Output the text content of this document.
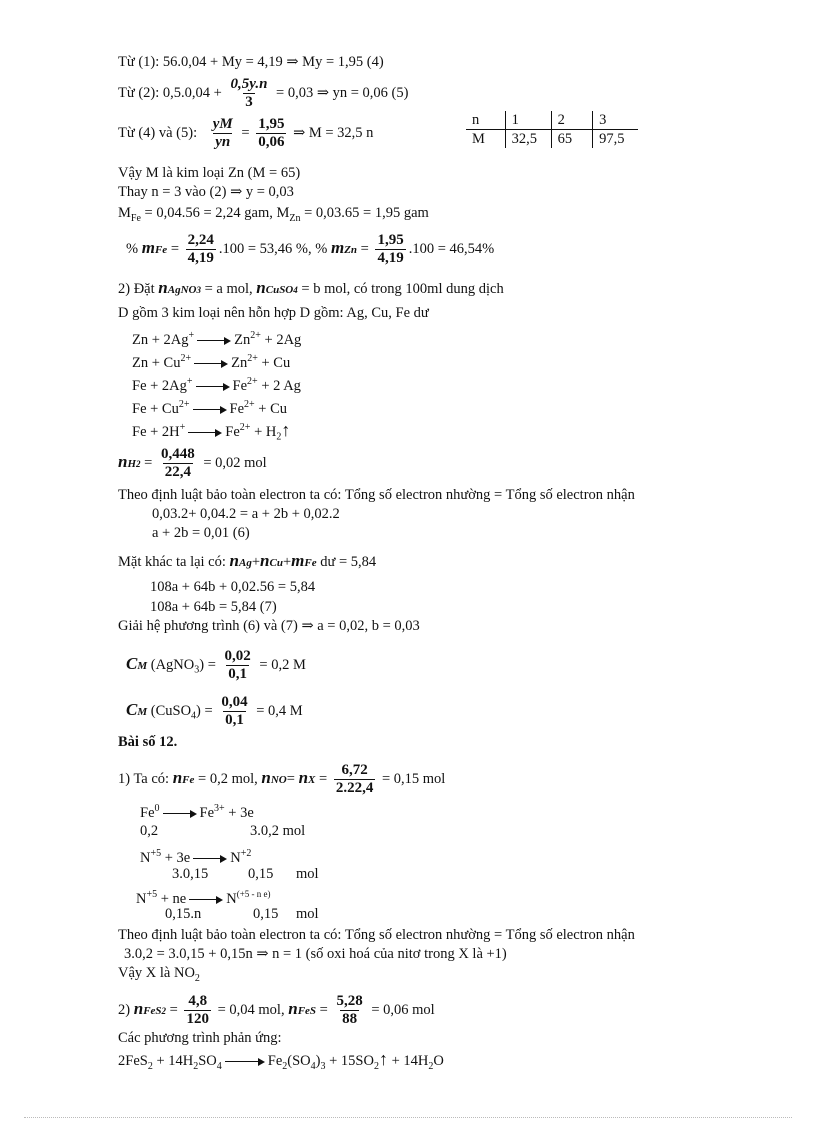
Từ (1): 56.0,04 + My = 4,19 ⇒ My = 1,95 (4)
Từ (2): $0,5.0,04 + \frac{0,5y.n}{3} = 0,03$ ⇒ yn = 0,06 (5)
Từ (4) và (5): $\frac{yM}{yn} = \frac{1,95}{0,06}$ ⇒ M = 32,5 n
n	1	2	3
M	32,5	65	97,5
Vậy M là kim loại Zn (M = 65)
Thay n = 3 vào (2) ⇒ y = 0,03
$M_{Fe} = 0,04.56 = 2,24$ gam, $M_{Zn} = 0,03.65 = 1,95$ gam
% mFe = $\frac{2,24}{4,19} .100 = 53,46$ %, % mZn = $\frac{1,95}{4,19} .100 = 46,54\%$
2) Đặt nAgNO3 = a mol, nCuSO4 = b mol, có trong 100ml dung dịch
D gồm 3 kim loại nên hỗn hợp D gồm: Ag, Cu, Fe dư
Zn + 2Ag+	$Zn^{2+} + 2Ag$
$Zn + Cu^{2+}$	$Zn^{2+} + Cu$
Fe + 2Ag+	$Fe^{2+} + 2$ Ag
$Fe + Cu^{2+}$	$Fe^{2+} + Cu$
Fe + 2H+	$Fe^{2+}$ + $H_2↑$
$nH2 = \frac{0,448}{22,4} = 0,02$ mol
Theo định luật bảo toàn electron ta có: Tổng số electron nhường = Tổng số electron nhận
0,03.2+ 0,04.2 = a + 2b + 0,02.2
a + 2b = 0,01 (6)
Mặt khác ta lại có: nAg+nCu+mFe dư = 5,84
108a + 64b + 0,02.56 = 5,84
108a + 64b = 5,84 (7)
Giải hệ phương trình (6) và (7) ⇒ a = 0,02, b = 0,03
CM (AgNO$_3$) = $\frac{0,02}{0,1} = 0,2$ M
CM (CuSO$_4$) = $\frac{0,04}{0,1} = 0,4$ M
Bài số 12.
1) Ta có: nFe = 0,2 mol, nNO= nX = $\frac{6,72}{2.22,4} = 0,15$ mol
Fe$^0$	$Fe^{3+} + 3e$
0,2	3.0,2 mol
$N^{+5} + 3e$	$N^{+2}$
3.0,15	0,15 mol
$N^{+5}$ + ne	$N^{(+5 - n e)}$
0,15.n	0,15 mol
Theo định luật bảo toàn electron ta có: Tổng số electron nhường = Tổng số electron nhận
3.0,2 = 3.0,15 + 0,15n ⇒ n = 1 (số oxi hoá của nitơ trong X là +1)
Vậy X là $NO_2$
2) nFeS2 = $\frac{4,8}{120} = 0,04$ mol, nFeS = $\frac{5,28}{88} = 0,06$ mol
Các phương trình phản ứng:
$2FeS_2 + 14H_2SO_4$	$Fe_2(SO_4)_3$ + $15SO_2↑ + 14H_2O$
